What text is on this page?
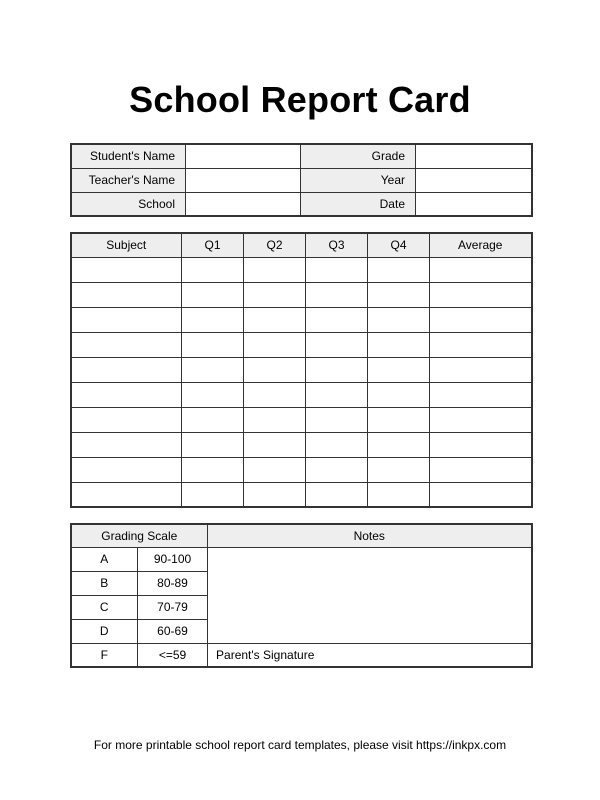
School Report Card
Student's Name		Grade	
Teacher's Name		Year	
School		Date	
Subject	Q1	Q2	Q3	Q4	Average

Grading Scale		Notes
A	90-100	
B	80-89	
C	70-79	
D	60-69	
F	<=59	Parent's Signature
For more printable school report card templates, please visit https://inkpx.com
